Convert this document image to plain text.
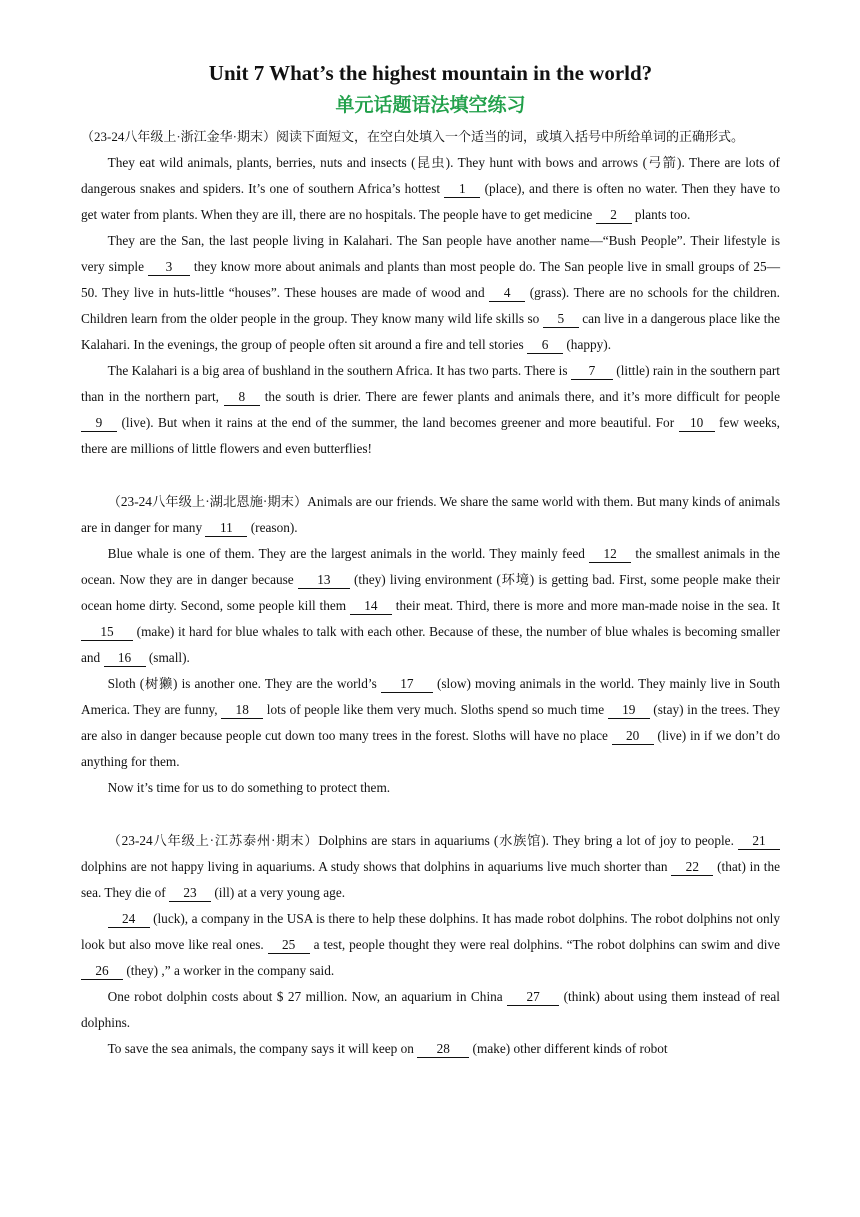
Unit 7 What’s the highest mountain in the world?
单元话题语法填空练习

（23-24八年级上·浙江金华·期末）阅读下面短文，在空白处填入一个适当的词，或填入括号中所给单词的正确形式。

They eat wild animals, plants, berries, nuts and insects (昆虫). They hunt with bows and arrows (弓箭). There are lots of dangerous snakes and spiders. It’s one of southern Africa’s hottest 1 (place), and there is often no water. Then they have to get water from plants. When they are ill, there are no hospitals. The people have to get medicine 2 plants too.

They are the San, the last people living in Kalahari. The San people have another name—“Bush People”. Their lifestyle is very simple 3 they know more about animals and plants than most people do. The San people live in small groups of 25—50. They live in huts-little “houses”. These houses are made of wood and 4 (grass). There are no schools for the children. Children learn from the older people in the group. They know many wild life skills so 5 can live in a dangerous place like the Kalahari. In the evenings, the group of people often sit around a fire and tell stories 6 (happy).

The Kalahari is a big area of bushland in the southern Africa. It has two parts. There is 7 (little) rain in the southern part than in the northern part, 8 the south is drier. There are fewer plants and animals there, and it’s more difficult for people 9 (live). But when it rains at the end of the summer, the land becomes greener and more beautiful. For 10 few weeks, there are millions of little flowers and even butterflies!

（23-24八年级上·湖北恩施·期末）Animals are our friends. We share the same world with them. But many kinds of animals are in danger for many 11 (reason).

Blue whale is one of them. They are the largest animals in the world. They mainly feed 12 the smallest animals in the ocean. Now they are in danger because 13 (they) living environment (环境) is getting bad. First, some people make their ocean home dirty. Second, some people kill them 14 their meat. Third, there is more and more man-made noise in the sea. It 15 (make) it hard for blue whales to talk with each other. Because of these, the number of blue whales is becoming smaller and 16 (small).

Sloth (树獭) is another one. They are the world’s 17 (slow) moving animals in the world. They mainly live in South America. They are funny, 18 lots of people like them very much. Sloths spend so much time 19 (stay) in the trees. They are also in danger because people cut down too many trees in the forest. Sloths will have no place 20 (live) in if we don’t do anything for them.

Now it’s time for us to do something to protect them.

（23-24八年级上·江苏泰州·期末）Dolphins are stars in aquariums (水族馆). They bring a lot of joy to people. 21 dolphins are not happy living in aquariums. A study shows that dolphins in aquariums live much shorter than 22 (that) in the sea. They die of 23 (ill) at a very young age.

24 (luck), a company in the USA is there to help these dolphins. It has made robot dolphins. The robot dolphins not only look but also move like real ones. 25 a test, people thought they were real dolphins. “The robot dolphins can swim and dive 26 (they) ,” a worker in the company said.

One robot dolphin costs about $ 27 million. Now, an aquarium in China 27 (think) about using them instead of real dolphins.

To save the sea animals, the company says it will keep on 28 (make) other different kinds of robot
